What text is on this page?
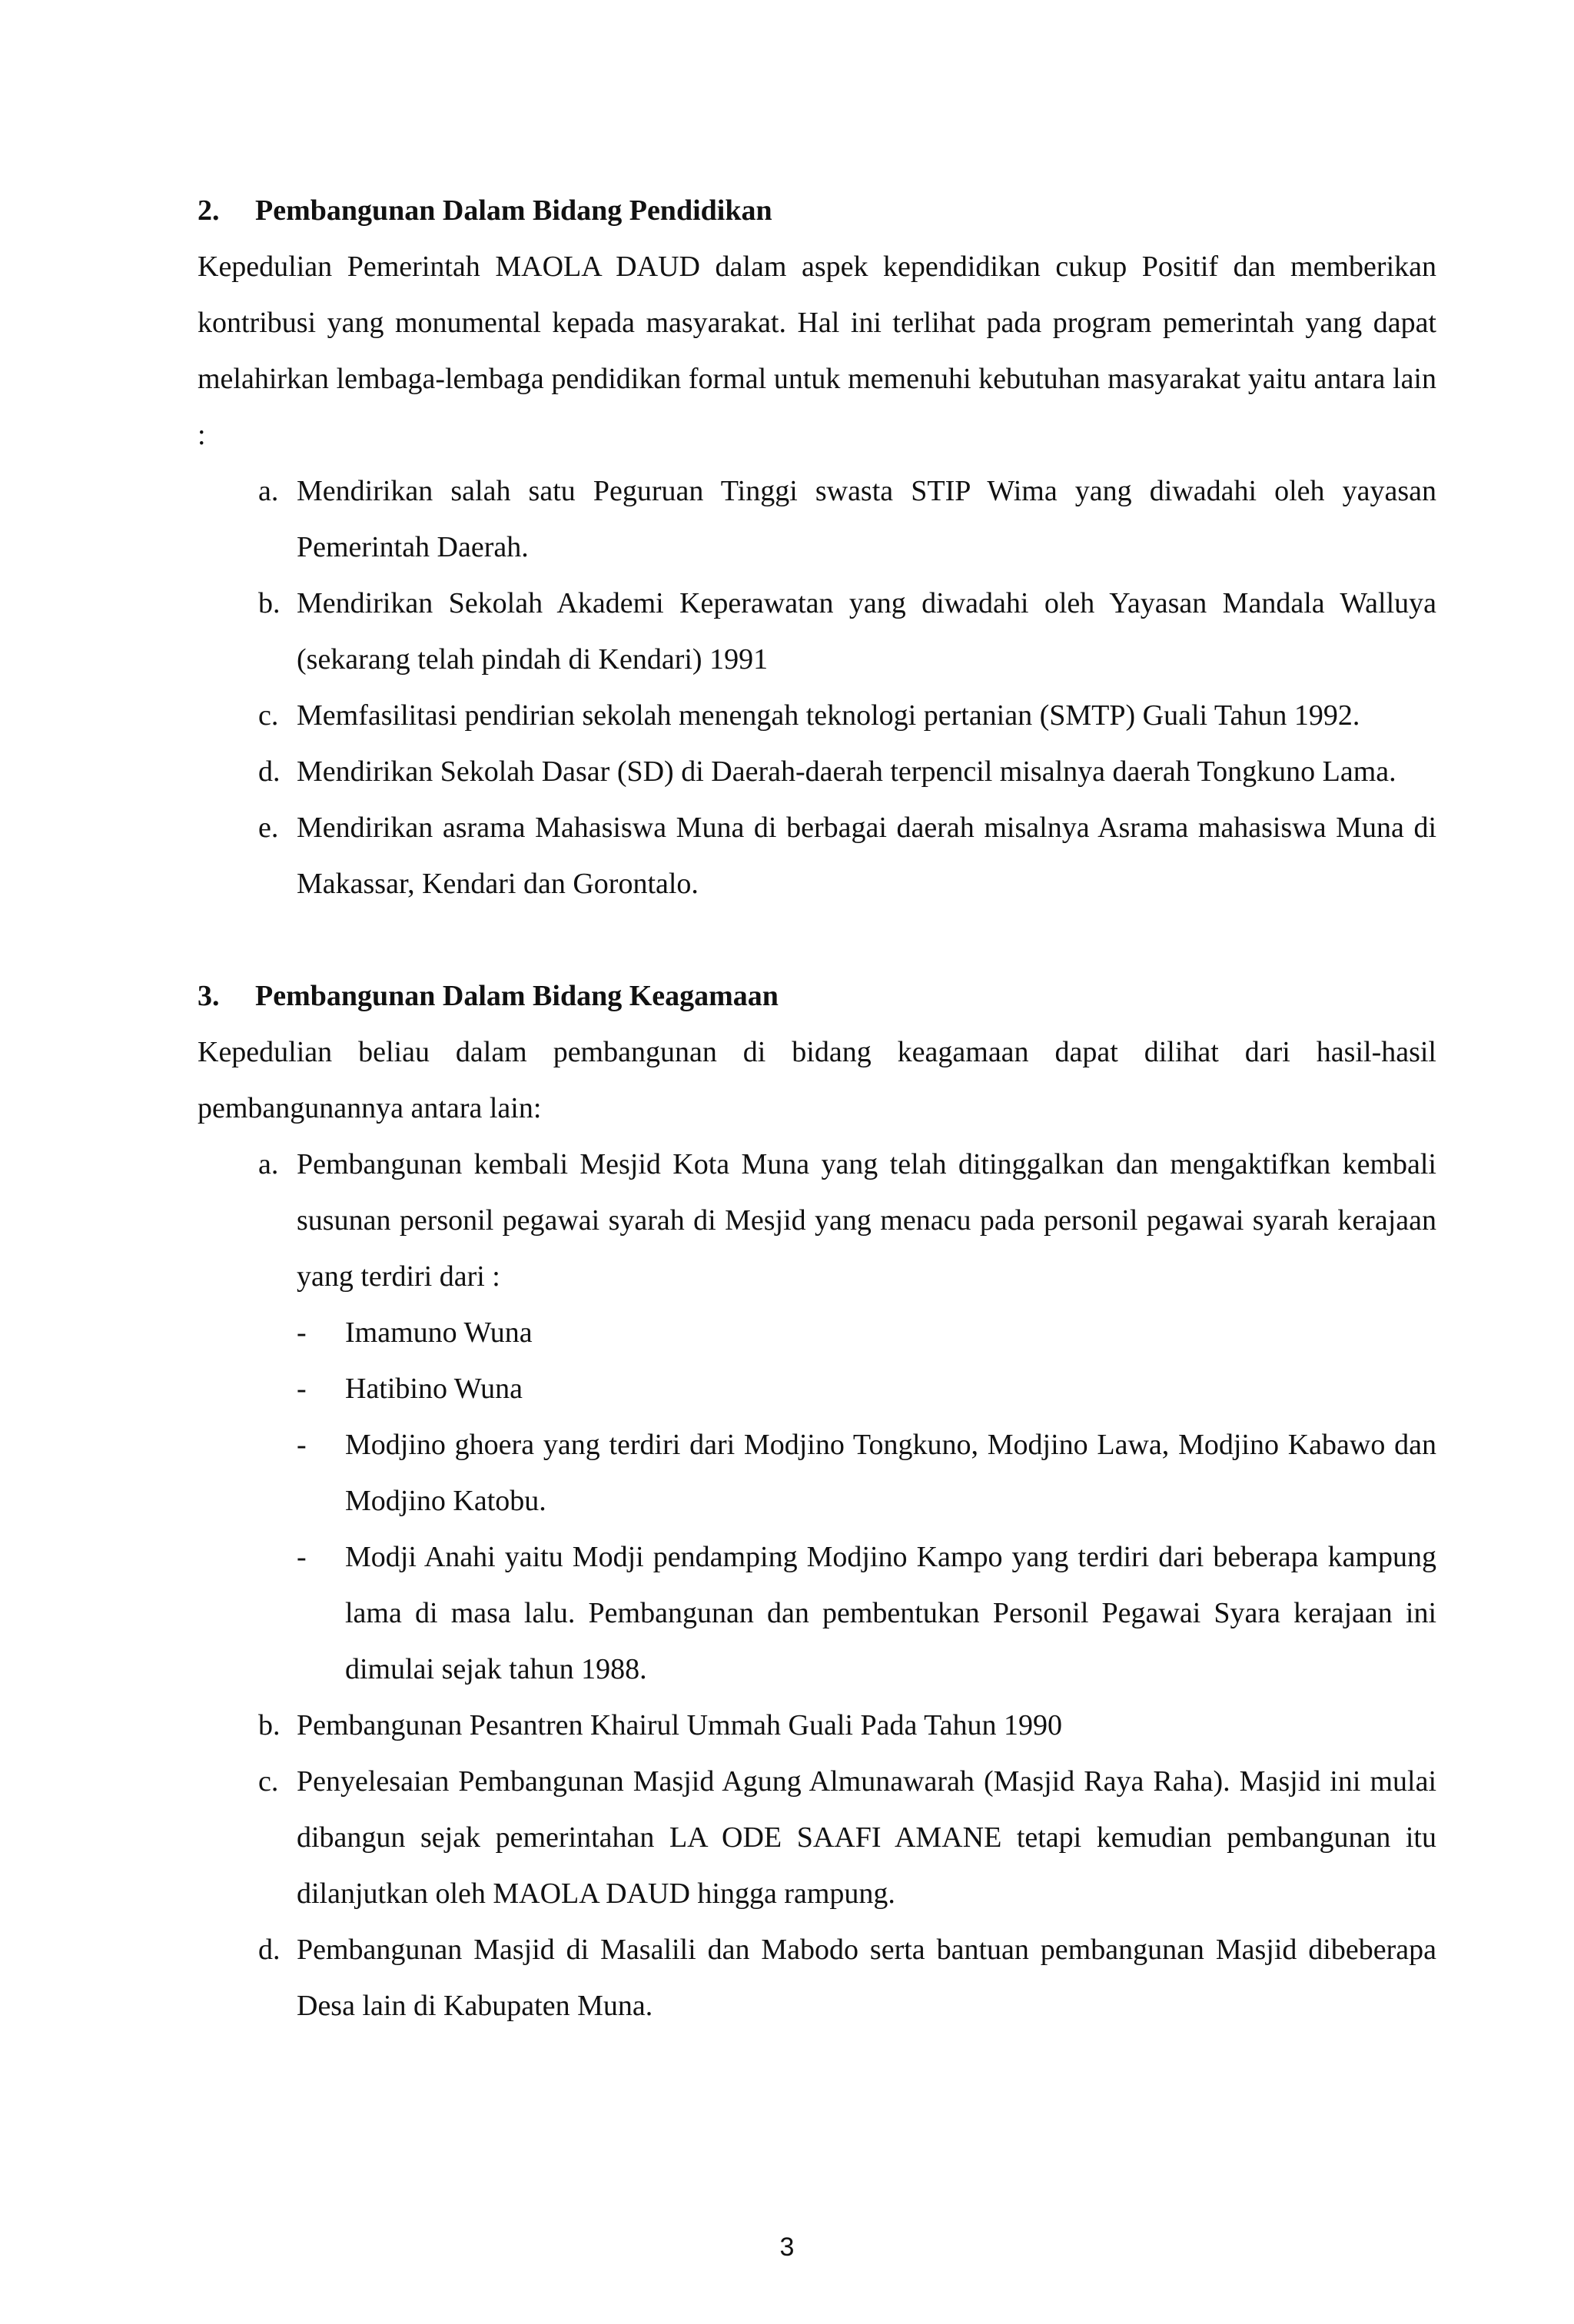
2.	Pembangunan Dalam Bidang Pendidikan

Kepedulian Pemerintah MAOLA DAUD dalam aspek kependidikan cukup Positif dan memberikan kontribusi yang monumental kepada masyarakat. Hal ini terlihat pada program pemerintah yang dapat melahirkan lembaga-lembaga pendidikan formal untuk memenuhi kebutuhan masyarakat yaitu antara lain :

a. Mendirikan salah satu Peguruan Tinggi swasta STIP Wima yang diwadahi oleh yayasan Pemerintah Daerah.
b. Mendirikan Sekolah Akademi Keperawatan yang diwadahi oleh Yayasan Mandala Walluya (sekarang telah pindah di Kendari) 1991
c. Memfasilitasi pendirian sekolah menengah teknologi pertanian (SMTP) Guali Tahun 1992.
d. Mendirikan Sekolah Dasar (SD) di Daerah-daerah terpencil misalnya daerah Tongkuno Lama.
e. Mendirikan asrama Mahasiswa Muna di berbagai daerah misalnya Asrama mahasiswa Muna di Makassar, Kendari dan Gorontalo.
3.	Pembangunan Dalam Bidang Keagamaan

Kepedulian beliau dalam pembangunan di bidang keagamaan dapat dilihat dari hasil-hasil pembangunannya antara lain:

a. Pembangunan kembali Mesjid Kota Muna yang telah ditinggalkan dan mengaktifkan kembali susunan personil pegawai syarah di Mesjid yang menacu pada personil pegawai syarah kerajaan yang terdiri dari :
-	Imamuno Wuna
-	Hatibino Wuna
-	Modjino ghoera yang terdiri dari Modjino Tongkuno, Modjino Lawa, Modjino Kabawo dan Modjino Katobu.
-	Modji Anahi yaitu Modji pendamping Modjino Kampo yang terdiri dari beberapa kampung lama di masa lalu. Pembangunan dan pembentukan Personil Pegawai Syara kerajaan ini dimulai sejak tahun 1988.
b. Pembangunan Pesantren Khairul Ummah Guali Pada Tahun 1990
c. Penyelesaian Pembangunan Masjid Agung Almunawarah (Masjid Raya Raha). Masjid ini mulai dibangun sejak pemerintahan LA ODE SAAFI AMANE tetapi kemudian pembangunan itu dilanjutkan oleh MAOLA DAUD hingga rampung.
d. Pembangunan Masjid di Masalili dan Mabodo serta bantuan pembangunan Masjid dibeberapa Desa lain di Kabupaten Muna.
3
